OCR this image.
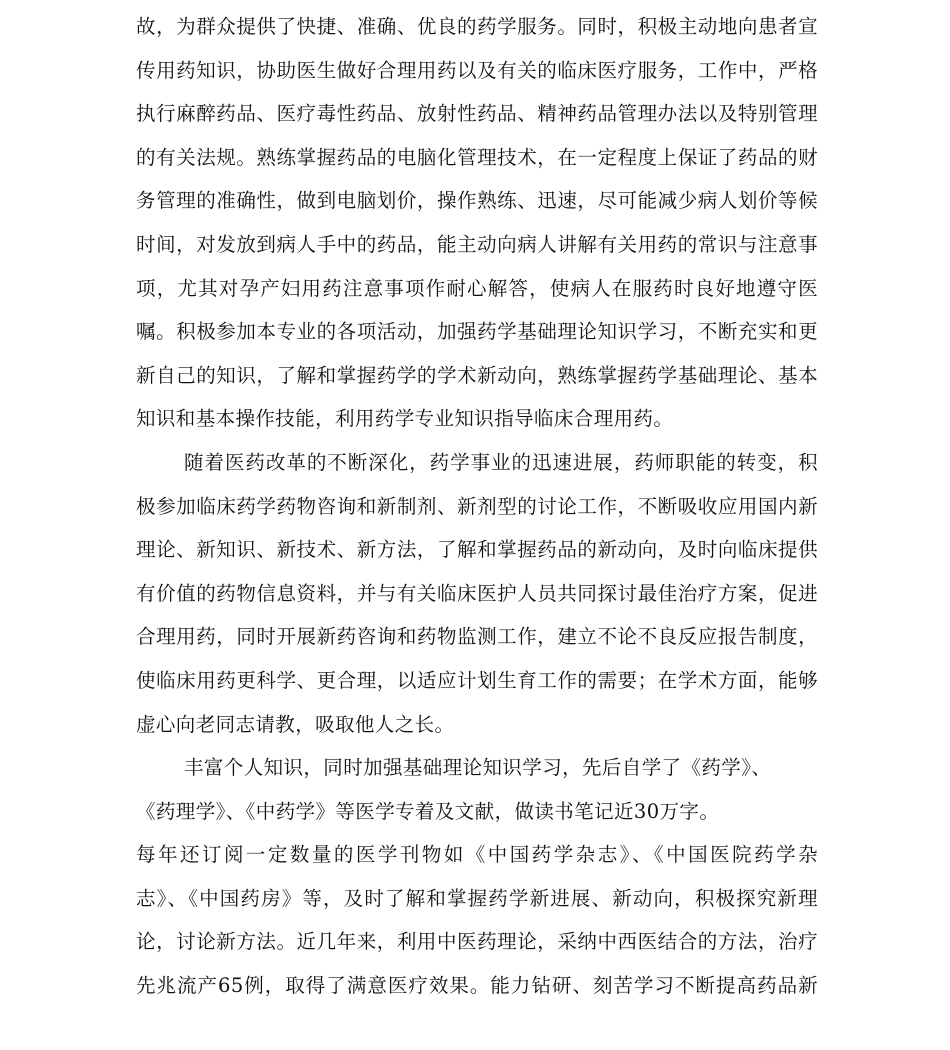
故，为群众提供了快捷、准确、优良的药学服务。同时，积极主动地向患者宣
传用药知识，协助医生做好合理用药以及有关的临床医疗服务，工作中，严格
执行麻醉药品、医疗毒性药品、放射性药品、精神药品管理办法以及特别管理
的有关法规。熟练掌握药品的电脑化管理技术，在一定程度上保证了药品的财
务管理的准确性，做到电脑划价，操作熟练、迅速，尽可能减少病人划价等候
时间，对发放到病人手中的药品，能主动向病人讲解有关用药的常识与注意事
项，尤其对孕产妇用药注意事项作耐心解答，使病人在服药时良好地遵守医
嘱。积极参加本专业的各项活动，加强药学基础理论知识学习，不断充实和更
新自己的知识，了解和掌握药学的学术新动向，熟练掌握药学基础理论、基本
知识和基本操作技能，利用药学专业知识指导临床合理用药。
随着医药改革的不断深化，药学事业的迅速进展，药师职能的转变，积
极参加临床药学药物咨询和新制剂、新剂型的讨论工作，不断吸收应用国内新
理论、新知识、新技术、新方法，了解和掌握药品的新动向，及时向临床提供
有价值的药物信息资料，并与有关临床医护人员共同探讨最佳治疗方案，促进
合理用药，同时开展新药咨询和药物监测工作，建立不论不良反应报告制度，
使临床用药更科学、更合理，以适应计划生育工作的需要；在学术方面，能够
虚心向老同志请教，吸取他人之长。
丰富个人知识，同时加强基础理论知识学习，先后自学了《药学》、
《药理学》、《中药学》等医学专着及文献，做读书笔记近30万字。
每年还订阅一定数量的医学刊物如《中国药学杂志》、《中国医院药学杂
志》、《中国药房》等，及时了解和掌握药学新进展、新动向，积极探究新理
论，讨论新方法。近几年来，利用中医药理论，采纳中西医结合的方法，治疗
先兆流产65例，取得了满意医疗效果。能力钻研、刻苦学习不断提高药品新
